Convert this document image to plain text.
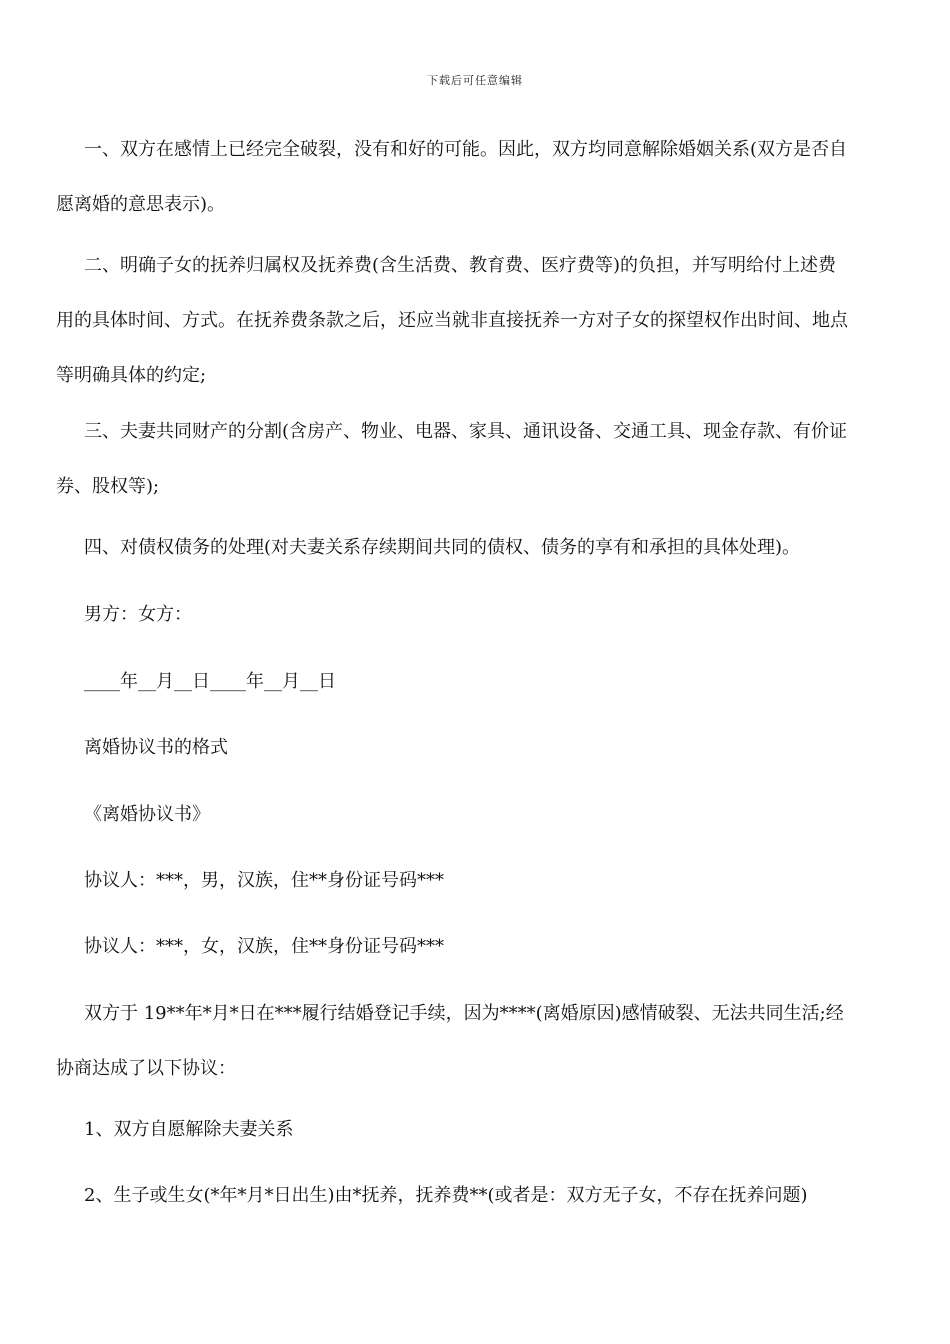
下载后可任意编辑
一、双方在感情上已经完全破裂，没有和好的可能。因此，双方均同意解除婚姻关系(双方是否自
愿离婚的意思表示)。
二、明确子女的抚养归属权及抚养费(含生活费、教育费、医疗费等)的负担，并写明给付上述费
用的具体时间、方式。在抚养费条款之后，还应当就非直接抚养一方对子女的探望权作出时间、地点
等明确具体的约定;
三、夫妻共同财产的分割(含房产、物业、电器、家具、通讯设备、交通工具、现金存款、有价证
券、股权等);
四、对债权债务的处理(对夫妻关系存续期间共同的债权、债务的享有和承担的具体处理)。
男方：女方：
____年__月__日____年__月__日
离婚协议书的格式
《离婚协议书》
协议人：***，男，汉族，住**身份证号码***
协议人：***，女，汉族，住**身份证号码***
双方于 19**年*月*日在***履行结婚登记手续，因为****(离婚原因)感情破裂、无法共同生活;经
协商达成了以下协议：
1、双方自愿解除夫妻关系
2、生子或生女(*年*月*日出生)由*抚养，抚养费**(或者是：双方无子女，不存在抚养问题)
